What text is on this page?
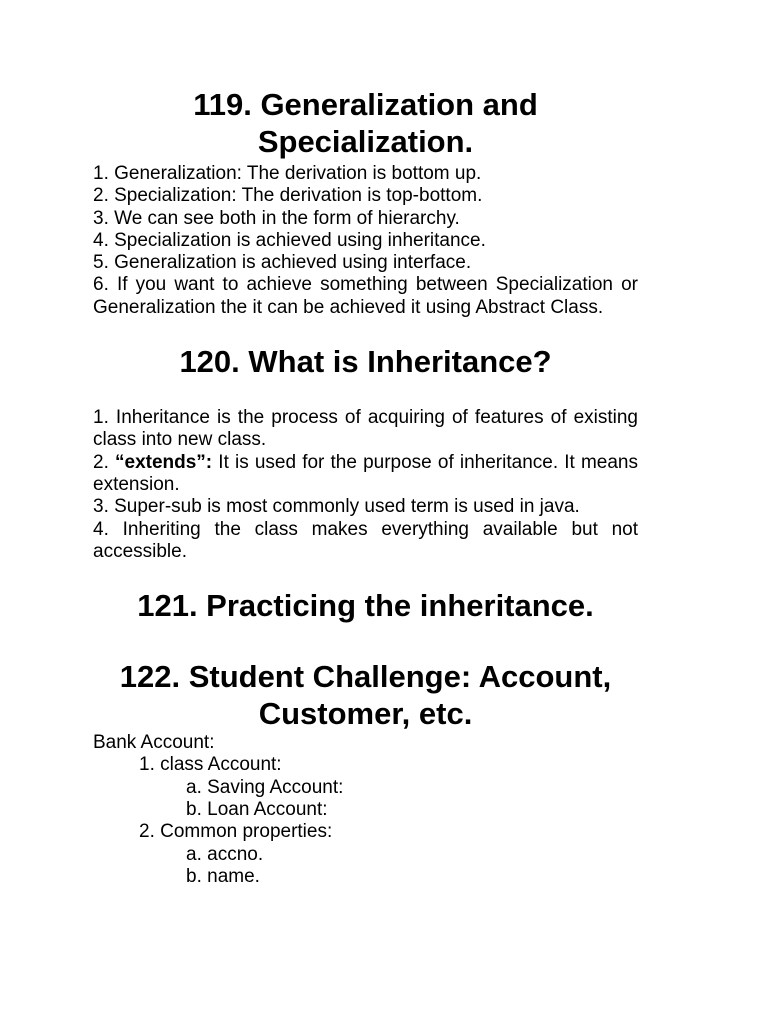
119. Generalization and Specialization.

1. Generalization: The derivation is bottom up.

2. Specialization: The derivation is top-bottom.

3. We can see both in the form of hierarchy.

4. Specialization is achieved using inheritance.

5. Generalization is achieved using interface.

6. If you want to achieve something between Specialization or Generalization the it can be achieved it using Abstract Class.

120. What is Inheritance?

1. Inheritance is the process of acquiring of features of existing class into new class.

2. “extends”: It is used for the purpose of inheritance. It means extension.

3. Super-sub is most commonly used term is used in java.

4. Inheriting the class makes everything available but not accessible.

121. Practicing the inheritance.
122. Student Challenge: Account, Customer, etc.

Bank Account:

1. class Account:

a. Saving Account:

b. Loan Account:

2. Common properties:

a. accno.

b. name.
